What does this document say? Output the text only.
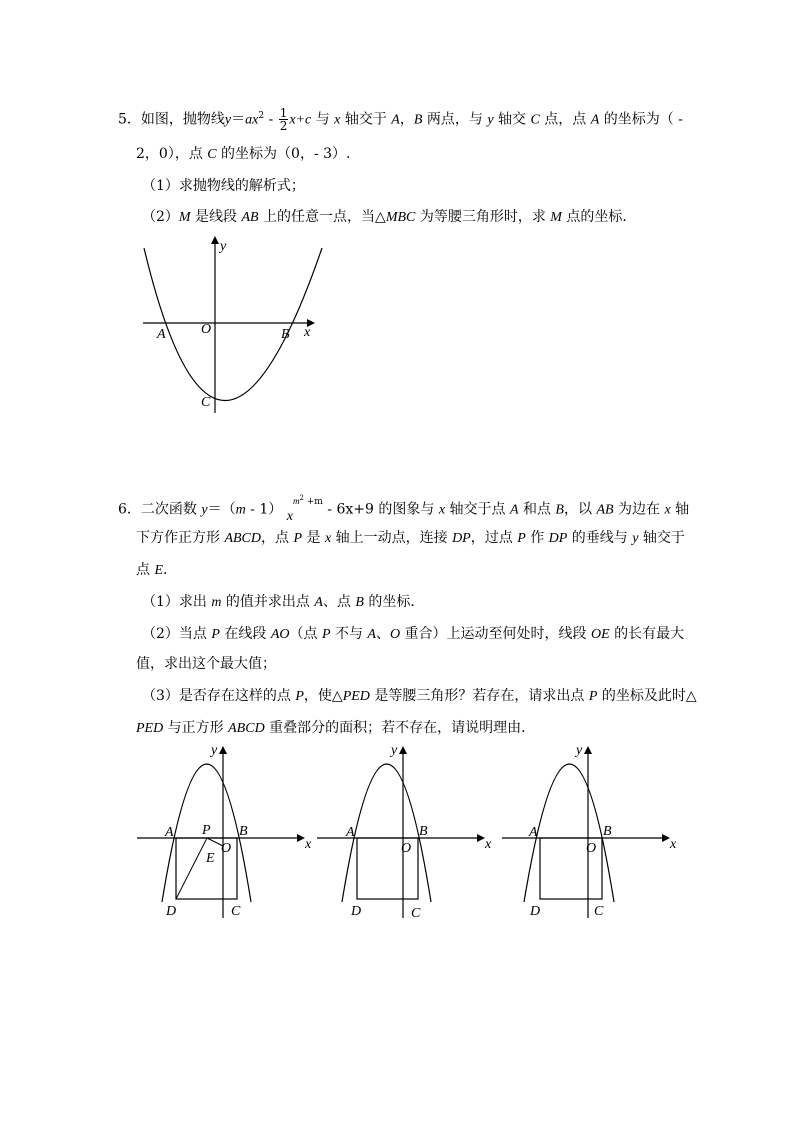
5．如图，抛物线$y=ax^2 - \frac{1}{2} x+c$ 与 x 轴交于 A，B 两点，与 y 轴交 C 点，点 A 的坐标为（ -
2，0），点 C 的坐标为（0，- 3）.
（1）求抛物线的解析式；
（2）M 是线段 AB 上的任意一点，当△MBC 为等腰三角形时，求 M 点的坐标．
y
O
A	B x
C
6．二次函数 y＝（m - 1） $x^{m^2 +m} - 6x+9$ 的图象与 x 轴交于点 A 和点 B，以 AB 为边在 x 轴
下方作正方形 ABCD，点 P 是 x 轴上一动点，连接 DP，过点 P 作 DP 的垂线与 y 轴交于
点 E.
（1）求出 m 的值并求出点 A、点 B 的坐标．
（2）当点 P 在线段 AO（点 P 不与 A、O 重合）上运动至何处时，线段 OE 的长有最大
值，求出这个最大值；
（3）是否存在这样的点 P，使△PED 是等腰三角形？若存在，请求出点 P 的坐标及此时△
PED 与正方形 ABCD 重叠部分的面积；若不存在，请说明理由．
y
A P B
x
E
O
D	C
y
A	B
x
O
D	C
y
A	B
x
O
D	C
